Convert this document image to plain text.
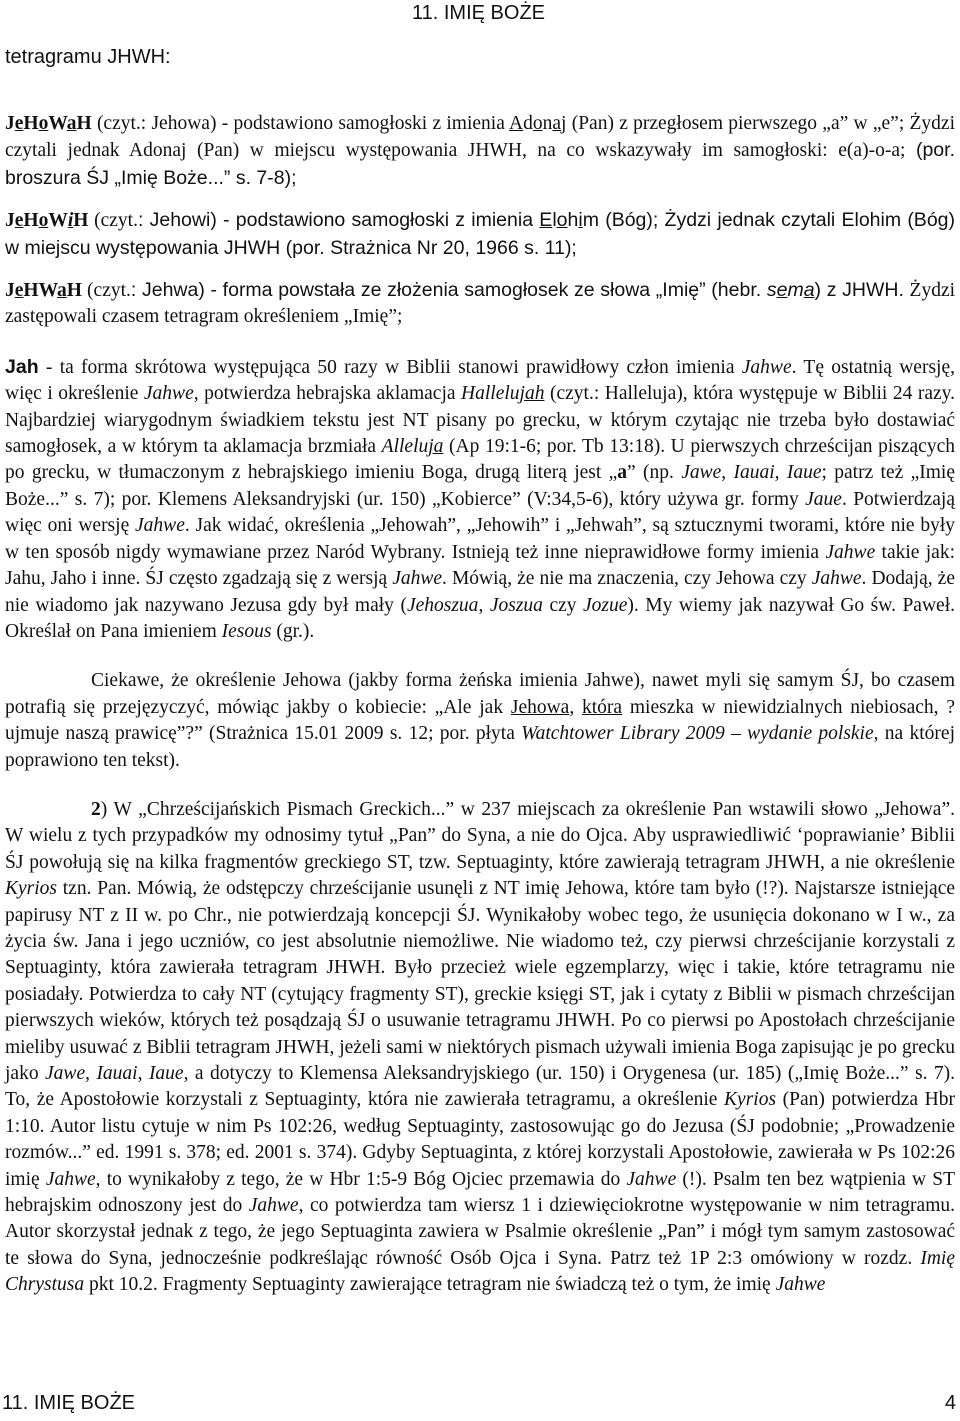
11. IMIĘ BOŻE
tetragramu JHWH:

JeHoWaH (czyt.: Jehowa) - podstawiono samogłoski z imienia Adonaj (Pan) z przegłosem pierwszego „a” w „e”; Żydzi czytali jednak Adonaj (Pan) w miejscu występowania JHWH, na co wskazywały im samogłoski: e(a)-o-a; (por. broszura ŚJ „Imię Boże...” s. 7-8);

JeHoWiH (czyt.: Jehowi) - podstawiono samogłoski z imienia Elohim (Bóg); Żydzi jednak czytali Elohim (Bóg) w miejscu występowania JHWH (por. Strażnica Nr 20, 1966 s. 11);

JeHWaH (czyt.: Jehwa) - forma powstała ze złożenia samogłosek ze słowa „Imię” (hebr. sema) z JHWH. Żydzi zastępowali czasem tetragram określeniem „Imię”;

Jah - ta forma skrótowa występująca 50 razy w Biblii stanowi prawidłowy człon imienia Jahwe. Tę ostatnią wersję, więc i określenie Jahwe, potwierdza hebrajska aklamacja Hallelujah (czyt.: Halleluja), która występuje w Biblii 24 razy. Najbardziej wiarygodnym świadkiem tekstu jest NT pisany po grecku, w którym czytając nie trzeba było dostawiać samogłosek, a w którym ta aklamacja brzmiała Alleluja (Ap 19:1-6; por. Tb 13:18). U pierwszych chrześcijan piszących po grecku, w tłumaczonym z hebrajskiego imieniu Boga, drugą literą jest „a” (np. Jawe, Iauai, Iaue; patrz też „Imię Boże...” s. 7); por. Klemens Aleksandryjski (ur. 150) „Kobierce” (V:34,5-6), który używa gr. formy Jaue. Potwierdzają więc oni wersję Jahwe. Jak widać, określenia „Jehowah”, „Jehowih” i „Jehwah”, są sztucznymi tworami, które nie były w ten sposób nigdy wymawiane przez Naród Wybrany. Istnieją też inne nieprawidłowe formy imienia Jahwe takie jak: Jahu, Jaho i inne. ŚJ często zgadzają się z wersją Jahwe. Mówią, że nie ma znaczenia, czy Jehowa czy Jahwe. Dodają, że nie wiadomo jak nazywano Jezusa gdy był mały (Jehoszua, Joszua czy Jozue). My wiemy jak nazywał Go św. Paweł. Określał on Pana imieniem Iesous (gr.).

Ciekawe, że określenie Jehowa (jakby forma żeńska imienia Jahwe), nawet myli się samym ŚJ, bo czasem potrafią się przejęzyczyć, mówiąc jakby o kobiecie: „Ale jak Jehowa, która mieszka w niewidzialnych niebiosach, ?ujmuje naszą prawicę”?” (Strażnica 15.01 2009 s. 12; por. płyta Watchtower Library 2009 – wydanie polskie, na której poprawiono ten tekst).

2) W „Chrześcijańskich Pismach Greckich...” w 237 miejscach za określenie Pan wstawili słowo „Jehowa”. W wielu z tych przypadków my odnosimy tytuł „Pan” do Syna, a nie do Ojca. Aby usprawiedliwić ‘poprawianie’ Biblii ŚJ powołują się na kilka fragmentów greckiego ST, tzw. Septuaginty, które zawierają tetragram JHWH, a nie określenie Kyrios tzn. Pan. Mówią, że odstępczy chrześcijanie usunęli z NT imię Jehowa, które tam było (!?). Najstarsze istniejące papirusy NT z II w. po Chr., nie potwierdzają koncepcji ŚJ. Wynikałoby wobec tego, że usunięcia dokonano w I w., za życia św. Jana i jego uczniów, co jest absolutnie niemożliwe. Nie wiadomo też, czy pierwsi chrześcijanie korzystali z Septuaginty, która zawierała tetragram JHWH. Było przecież wiele egzemplarzy, więc i takie, które tetragramu nie posiadały. Potwierdza to cały NT (cytujący fragmenty ST), greckie księgi ST, jak i cytaty z Biblii w pismach chrześcijan pierwszych wieków, których też posądzają ŚJ o usuwanie tetragramu JHWH. Po co pierwsi po Apostołach chrześcijanie mieliby usuwać z Biblii tetragram JHWH, jeżeli sami w niektórych pismach używali imienia Boga zapisując je po grecku jako Jawe, Iauai, Iaue, a dotyczy to Klemensa Aleksandryjskiego (ur. 150) i Orygenesa (ur. 185) („Imię Boże...” s. 7). To, że Apostołowie korzystali z Septuaginty, która nie zawierała tetragramu, a określenie Kyrios (Pan) potwierdza Hbr 1:10. Autor listu cytuje w nim Ps 102:26, według Septuaginty, zastosowując go do Jezusa (ŚJ podobnie; „Prowadzenie rozmów...” ed. 1991 s. 378; ed. 2001 s. 374). Gdyby Septuaginta, z której korzystali Apostołowie, zawierała w Ps 102:26 imię Jahwe, to wynikałoby z tego, że w Hbr 1:5-9 Bóg Ojciec przemawia do Jahwe (!). Psalm ten bez wątpienia w ST hebrajskim odnoszony jest do Jahwe, co potwierdza tam wiersz 1 i dziewięciokrotne występowanie w nim tetragramu. Autor skorzystał jednak z tego, że jego Septuaginta zawiera w Psalmie określenie „Pan” i mógł tym samym zastosować te słowa do Syna, jednocześnie podkreślając równość Osób Ojca i Syna. Patrz też 1P 2:3 omówiony w rozdz. Imię Chrystusa pkt 10.2. Fragmenty Septuaginty zawierające tetragram nie świadczą też o tym, że imię Jahwe

11. IMIĘ BOŻE	4
